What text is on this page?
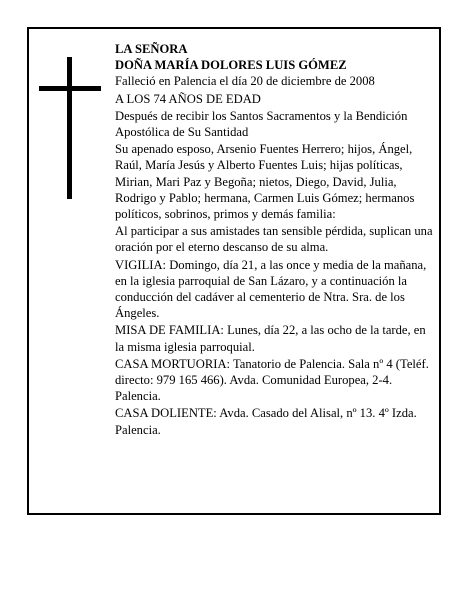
LA SEÑORA

DOÑA MARÍA DOLORES LUIS GÓMEZ

Falleció en Palencia el día 20 de diciembre de 2008

A LOS 74 AÑOS DE EDAD

Después de recibir los Santos Sacramentos y la Bendición Apostólica de Su Santidad

Su apenado esposo, Arsenio Fuentes Herrero; hijos, Ángel, Raúl, María Jesús y Alberto Fuentes Luis; hijas políticas, Mirian, Mari Paz y Begoña; nietos, Diego, David, Julia, Rodrigo y Pablo; hermana, Carmen Luis Gómez; hermanos políticos, sobrinos, primos y demás familia:

Al participar a sus amistades tan sensible pérdida, suplican una oración por el eterno descanso de su alma.

VIGILIA: Domingo, día 21, a las once y media de la mañana, en la iglesia parroquial de San Lázaro, y a continuación la conducción del cadáver al cementerio de Ntra. Sra. de los Ángeles.

MISA DE FAMILIA: Lunes, día 22, a las ocho de la tarde, en la misma iglesia parroquial.

CASA MORTUORIA: Tanatorio de Palencia. Sala nº 4 (Teléf. directo: 979 165 466). Avda. Comunidad Europea, 2-4. Palencia.

CASA DOLIENTE: Avda. Casado del Alisal, nº 13. 4º Izda. Palencia.
